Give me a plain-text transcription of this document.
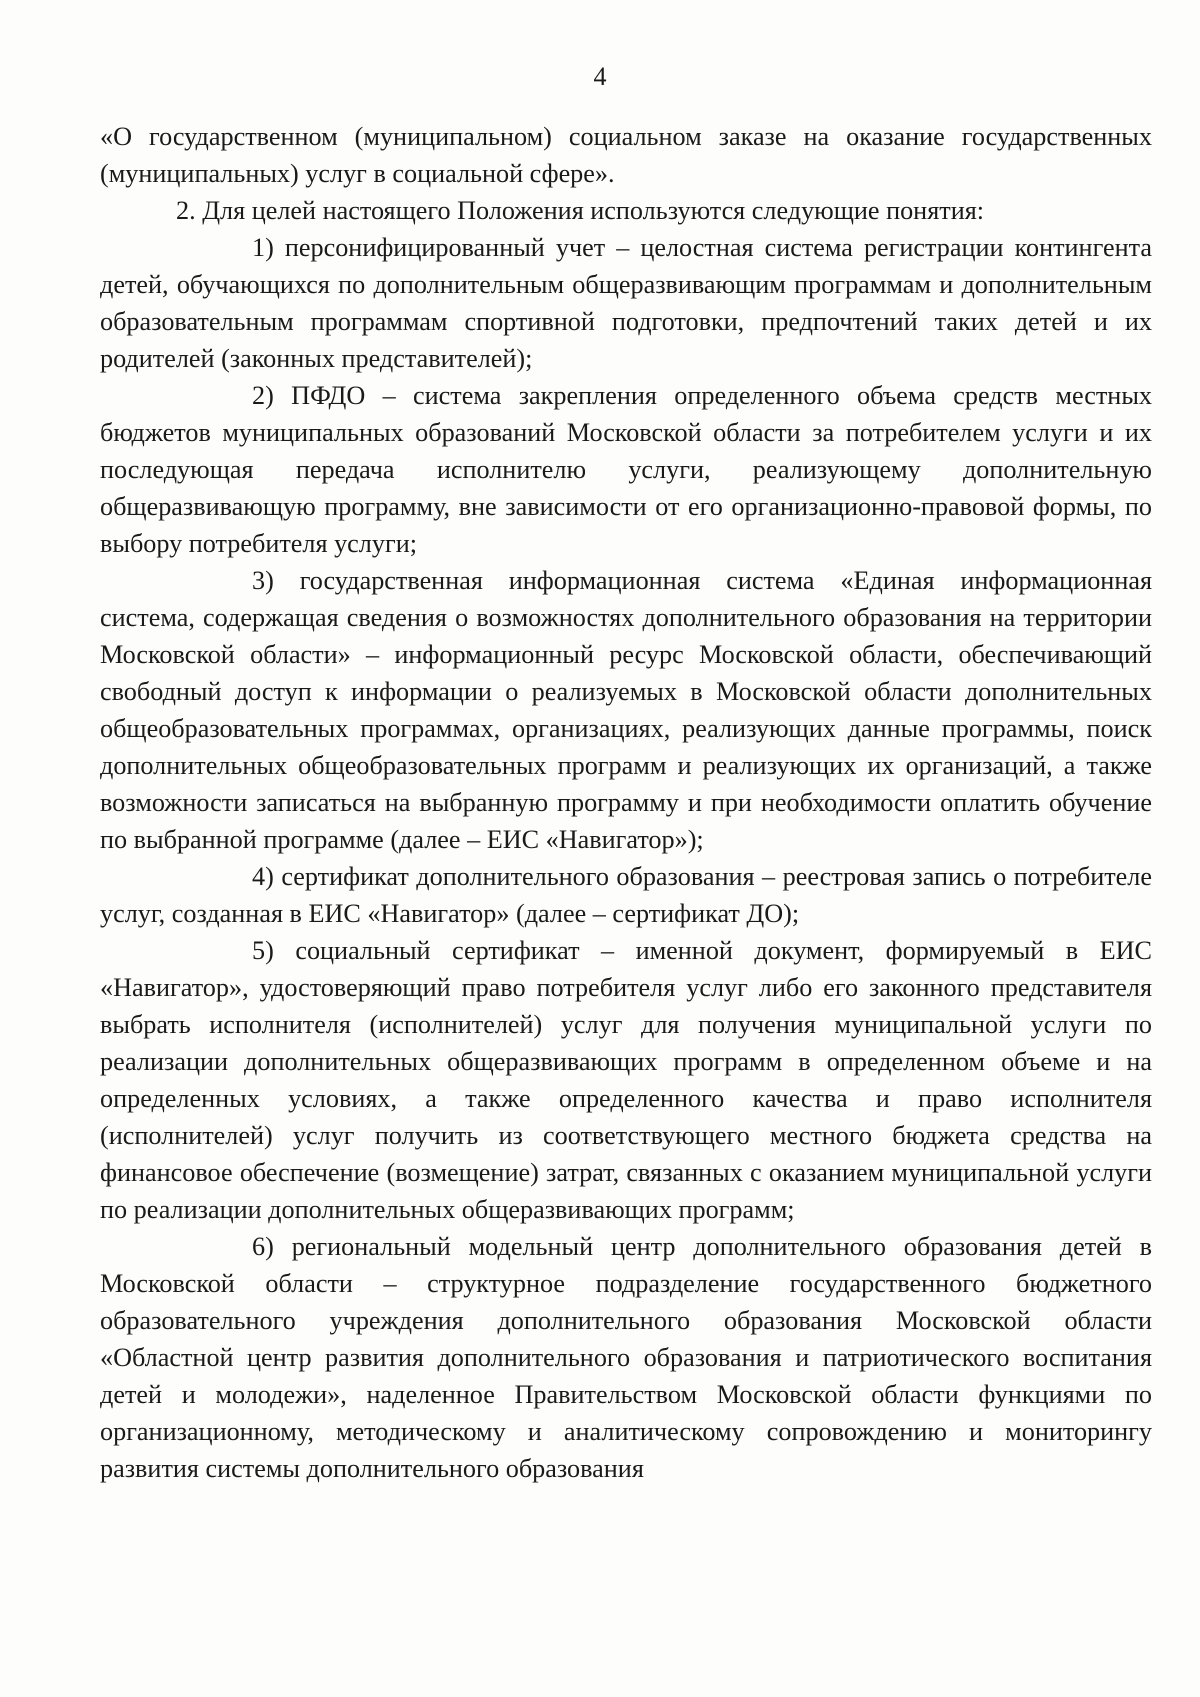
4

«О государственном (муниципальном) социальном заказе на оказание государственных (муниципальных) услуг в социальной сфере».

2. Для целей настоящего Положения используются следующие понятия:

1) персонифицированный учет – целостная система регистрации контингента детей, обучающихся по дополнительным общеразвивающим программам и дополнительным образовательным программам спортивной подготовки, предпочтений таких детей и их родителей (законных представителей);

2) ПФДО – система закрепления определенного объема средств местных бюджетов муниципальных образований Московской области за потребителем услуги и их последующая передача исполнителю услуги, реализующему дополнительную общеразвивающую программу, вне зависимости от его организационно-правовой формы, по выбору потребителя услуги;

3) государственная информационная система «Единая информационная система, содержащая сведения о возможностях дополнительного образования на территории Московской области» – информационный ресурс Московской области, обеспечивающий свободный доступ к информации о реализуемых в Московской области дополнительных общеобразовательных программах, организациях, реализующих данные программы, поиск дополнительных общеобразовательных программ и реализующих их организаций, а также возможности записаться на выбранную программу и при необходимости оплатить обучение по выбранной программе (далее – ЕИС «Навигатор»);

4) сертификат дополнительного образования – реестровая запись о потребителе услуг, созданная в ЕИС «Навигатор» (далее – сертификат ДО);

5) социальный сертификат – именной документ, формируемый в ЕИС «Навигатор», удостоверяющий право потребителя услуг либо его законного представителя выбрать исполнителя (исполнителей) услуг для получения муниципальной услуги по реализации дополнительных общеразвивающих программ в определенном объеме и на определенных условиях, а также определенного качества и право исполнителя (исполнителей) услуг получить из соответствующего местного бюджета средства на финансовое обеспечение (возмещение) затрат, связанных с оказанием муниципальной услуги по реализации дополнительных общеразвивающих программ;

6) региональный модельный центр дополнительного образования детей в Московской области – структурное подразделение государственного бюджетного образовательного учреждения дополнительного образования Московской области «Областной центр развития дополнительного образования и патриотического воспитания детей и молодежи», наделенное Правительством Московской области функциями по организационному, методическому и аналитическому сопровождению и мониторингу развития системы дополнительного образования
